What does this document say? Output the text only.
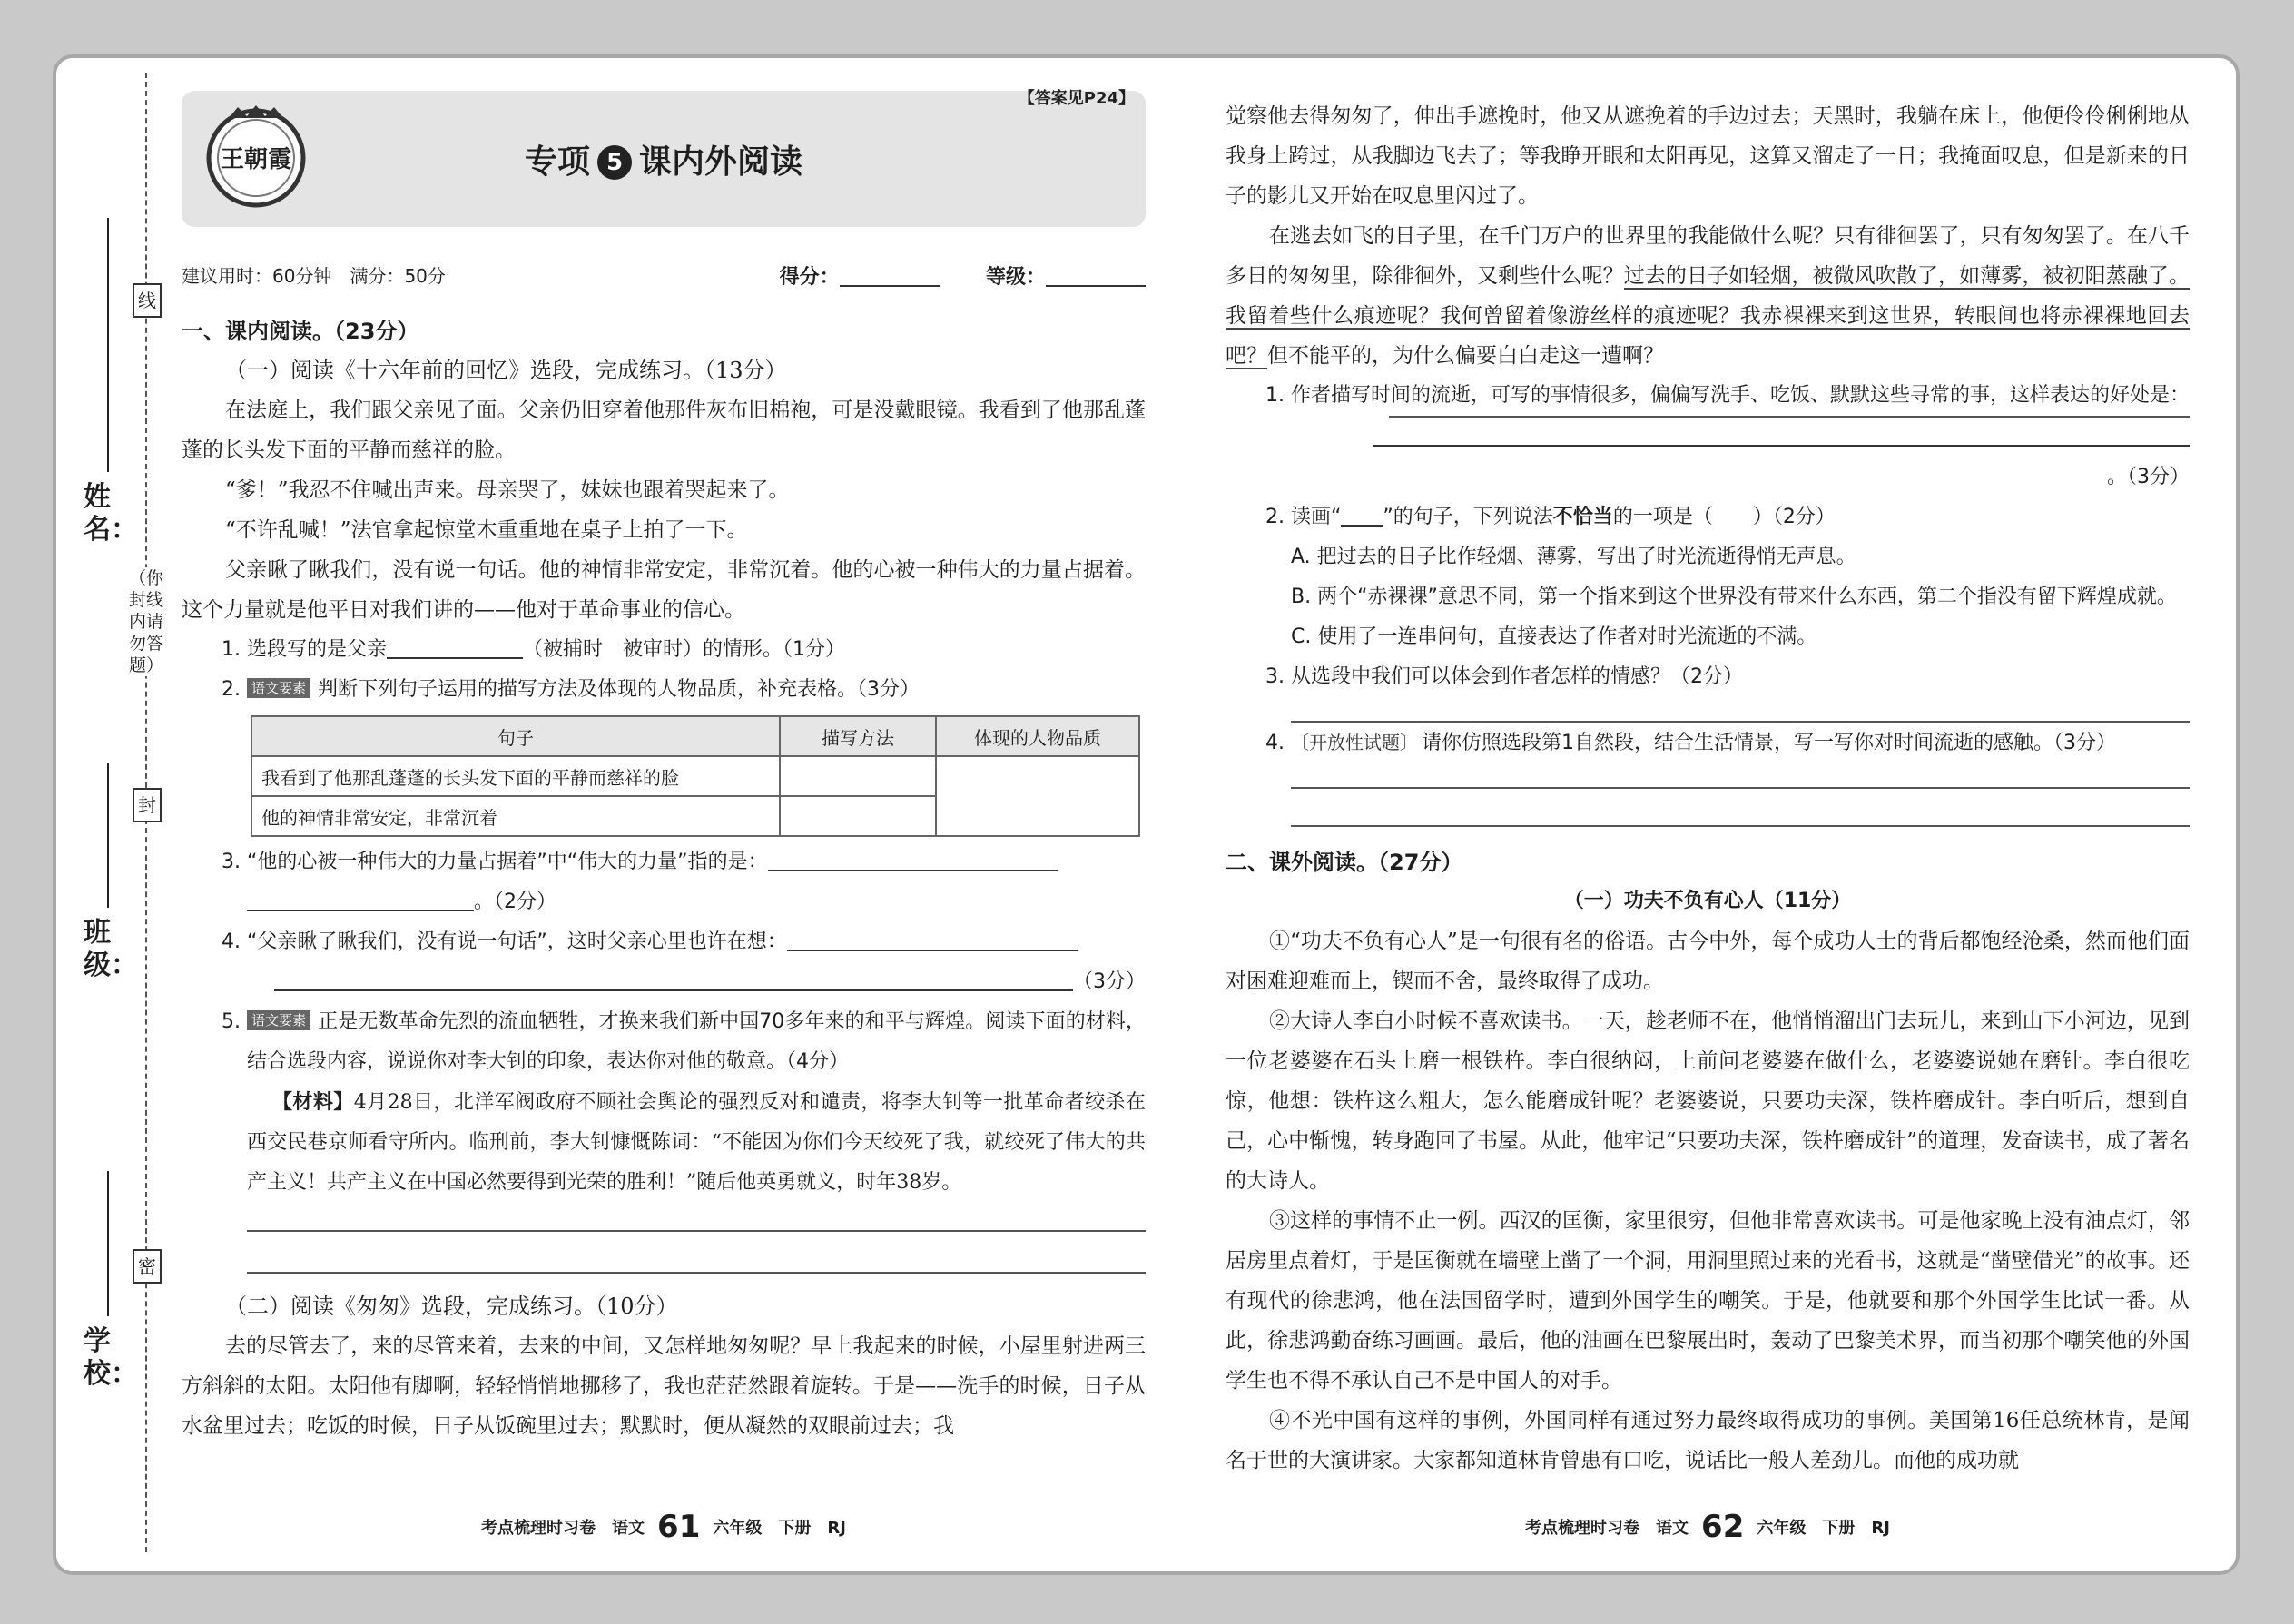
线
封
密
（你封线内请勿答题）
学校：
班级：
姓名：
【答案见P24】
王朝霞	专项 5 课内外阅读
建议用时：60分钟　满分：50分	得分：	等级：
一、课内阅读。（23分）

（一）阅读《十六年前的回忆》选段，完成练习。（13分）

在法庭上，我们跟父亲见了面。父亲仍旧穿着他那件灰布旧棉袍，可是没戴眼镜。我看到了他那乱蓬蓬的长头发下面的平静而慈祥的脸。

“爹！”我忍不住喊出声来。母亲哭了，妹妹也跟着哭起来了。

“不许乱喊！”法官拿起惊堂木重重地在桌子上拍了一下。

父亲瞅了瞅我们，没有说一句话。他的神情非常安定，非常沉着。他的心被一种伟大的力量占据着。这个力量就是他平日对我们讲的——他对于革命事业的信心。

1. 选段写的是父亲	（被捕时　被审时）的情形。（1分）

2. 语文要素 判断下列句子运用的描写方法及体现的人物品质，补充表格。（3分）

句子	描写方法	体现的人物品质
我看到了他那乱蓬蓬的长头发下面的平静而慈祥的脸		
他的神情非常安定，非常沉着		

3. “他的心被一种伟大的力量占据着”中“伟大的力量”指的是：

。（2分）

4. “父亲瞅了瞅我们，没有说一句话”，这时父亲心里也许在想：

（3分）

5. 语文要素 正是无数革命先烈的流血牺牲，才换来我们新中国70多年来的和平与辉煌。阅读下面的材料，结合选段内容，说说你对李大钊的印象，表达你对他的敬意。（4分）

【材料】4月28日，北洋军阀政府不顾社会舆论的强烈反对和谴责，将李大钊等一批革命者绞杀在西交民巷京师看守所内。临刑前，李大钊慷慨陈词：“不能因为你们今天绞死了我，就绞死了伟大的共产主义！共产主义在中国必然要得到光荣的胜利！”随后他英勇就义，时年38岁。

（二）阅读《匆匆》选段，完成练习。（10分）

去的尽管去了，来的尽管来着，去来的中间，又怎样地匆匆呢？早上我起来的时候，小屋里射进两三方斜斜的太阳。太阳他有脚啊，轻轻悄悄地挪移了，我也茫茫然跟着旋转。于是——洗手的时候，日子从水盆里过去；吃饭的时候，日子从饭碗里过去；默默时，便从凝然的双眼前过去；我

考点梳理时习卷　语文 61 六年级　下册　RJ

觉察他去得匆匆了，伸出手遮挽时，他又从遮挽着的手边过去；天黑时，我躺在床上，他便伶伶俐俐地从我身上跨过，从我脚边飞去了；等我睁开眼和太阳再见，这算又溜走了一日；我掩面叹息，但是新来的日子的影儿又开始在叹息里闪过了。

在逃去如飞的日子里，在千门万户的世界里的我能做什么呢？只有徘徊罢了，只有匆匆罢了。在八千多日的匆匆里，除徘徊外，又剩些什么呢？过去的日子如轻烟，被微风吹散了，如薄雾，被初阳蒸融了。我留着些什么痕迹呢？我何曾留着像游丝样的痕迹呢？我赤裸裸来到这世界，转眼间也将赤裸裸地回去吧？但不能平的，为什么偏要白白走这一遭啊？

1. 作者描写时间的流逝，可写的事情很多，偏偏写洗手、吃饭、默默这些寻常的事，这样表达的好处是：

。（3分）

2. 读画“ ”的句子，下列说法不恰当的一项是（　　）（2分）

A. 把过去的日子比作轻烟、薄雾，写出了时光流逝得悄无声息。

B. 两个“赤裸裸”意思不同，第一个指来到这个世界没有带来什么东西，第二个指没有留下辉煌成就。

C. 使用了一连串问句，直接表达了作者对时光流逝的不满。

3. 从选段中我们可以体会到作者怎样的情感？（2分）

4. 〔开放性试题〕 请你仿照选段第1自然段，结合生活情景，写一写你对时间流逝的感触。（3分）

二、课外阅读。（27分）

（一）功夫不负有心人（11分）

①“功夫不负有心人”是一句很有名的俗语。古今中外，每个成功人士的背后都饱经沧桑，然而他们面对困难迎难而上，锲而不舍，最终取得了成功。

②大诗人李白小时候不喜欢读书。一天，趁老师不在，他悄悄溜出门去玩儿，来到山下小河边，见到一位老婆婆在石头上磨一根铁杵。李白很纳闷，上前问老婆婆在做什么，老婆婆说她在磨针。李白很吃惊，他想：铁杵这么粗大，怎么能磨成针呢？老婆婆说，只要功夫深，铁杵磨成针。李白听后，想到自己，心中惭愧，转身跑回了书屋。从此，他牢记“只要功夫深，铁杵磨成针”的道理，发奋读书，成了著名的大诗人。

③这样的事情不止一例。西汉的匡衡，家里很穷，但他非常喜欢读书。可是他家晚上没有油点灯，邻居房里点着灯，于是匡衡就在墙壁上凿了一个洞，用洞里照过来的光看书，这就是“凿壁借光”的故事。还有现代的徐悲鸿，他在法国留学时，遭到外国学生的嘲笑。于是，他就要和那个外国学生比试一番。从此，徐悲鸿勤奋练习画画。最后，他的油画在巴黎展出时，轰动了巴黎美术界，而当初那个嘲笑他的外国学生也不得不承认自己不是中国人的对手。

④不光中国有这样的事例，外国同样有通过努力最终取得成功的事例。美国第16任总统林肯，是闻名于世的大演讲家。大家都知道林肯曾患有口吃，说话比一般人差劲儿。而他的成功就

考点梳理时习卷　语文 62 六年级　下册　RJ
